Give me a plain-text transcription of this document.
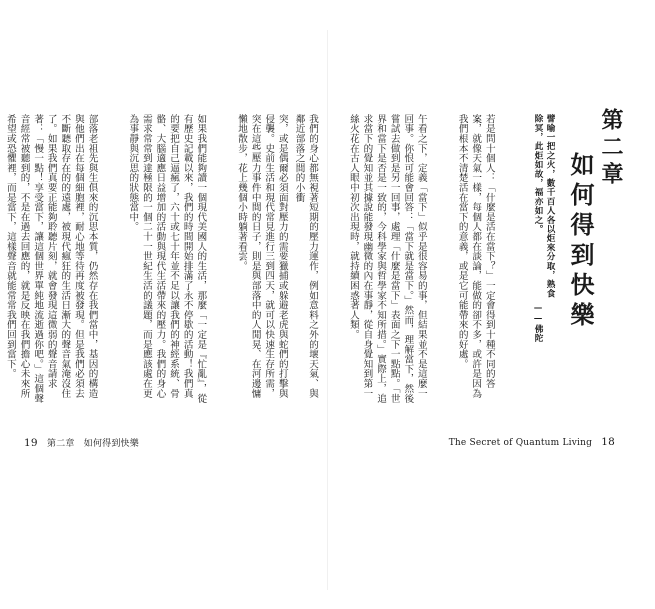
第二章
如何得到快樂
譬喻一把之火，數千百人各以炬來分取，熟食除冥，此炬如故，福亦如之。
——佛陀

若是問十個人：「什麼是活在當下？」一定會得到十種不同的答案，就像天氣一樣，每個人都在談論，能做的卻不多，或許是因為我們根本不清楚活在當下的意義，或是它可能帶來的好處。

午看之下，定義「當下」似乎是很容易的事，但結果並不是這麼一回事。你恨可能會回答：「當下就是當下。」然而，理解當下，然後嘗試去做到是另一回事，處理「什麼是當下」表面之下一點點。「世界和當下是否是一致的，今科學家與哲學家不知所措。」實際上，追求當下的覺知並其據說能發現幽微的內在事靜，從自身覺知到第一絲火花在古人眼中初次出現時，就持續困惑著人類。

我們的身心都無視著短期的壓力運作，例如意料之外的壞天氣、與鄰近部落之間的小衝

突，或是偶爾必須面對壓力的需要獵捕或躲避老虎與蛇們的打擊與侵襲。史前生活和現代常見進行三到四天，就可以快速生存所需，突在這些壓力事件中間的日子，則是與部落中的人閒晃、在河邊慵懶地散步，花上幾個小時躺著看雲。

如果我們能夠讀一個現代美國人的生活，那麼「一定是『忙亂』，從有歷史記載以來，我們的時間開始排滿了永不停歇的活動！我們真的要把自己逼瘋了，六十或七十年並不足以讓我們的神經系統、骨骼、大腦適應日益增加的活動與現代生活帶來的壓力。我們的身心需求常常到達極限的一個二十一世紀生活的議題，而是應該處在更為事靜與沉思的狀態當中。

部落老祖先與生俱來的沉思本質，仍然存在我們當中，基因的構造與他們出在每個細胞裡，耐心地等待再度被發現。但是我們必須去不斷聽取存在的的遠處，被現代瘋狂的生活日漸大的聲音氣淹沒住了。如果我們真要正能夠聆聽片刻，就會發現這微弱的聲音請求著：「慢一點！享受當下，讓這個世界單純地流逝過你吧。」這個聲音經常被聽到的，不是在過去回應的，就是反映在我們擔心未來所希望或恐懼裡，而是當下，這樣聲音就能常常我們回到當下。

19 第二章 如何得到快樂	The Secret of Quantum Living 18
